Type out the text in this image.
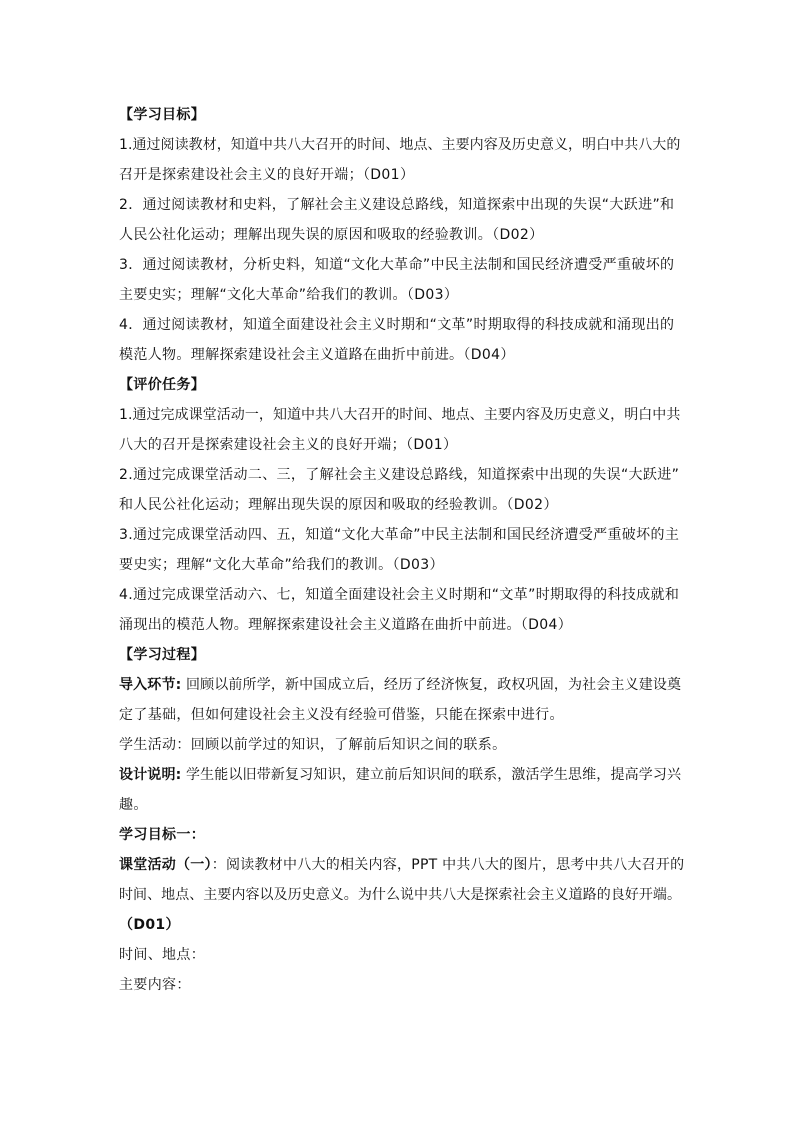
【学习目标】
1.通过阅读教材，知道中共八大召开的时间、地点、主要内容及历史意义，明白中共八大的
召开是探索建设社会主义的良好开端；（D01）
2．通过阅读教材和史料，了解社会主义建设总路线，知道探索中出现的失误“大跃进”和
人民公社化运动；理解出现失误的原因和吸取的经验教训。（D02）
3．通过阅读教材，分析史料，知道“文化大革命”中民主法制和国民经济遭受严重破坏的
主要史实；理解“文化大革命”给我们的教训。（D03）
4．通过阅读教材，知道全面建设社会主义时期和“文革”时期取得的科技成就和涌现出的
模范人物。理解探索建设社会主义道路在曲折中前进。（D04）
【评价任务】
1.通过完成课堂活动一，知道中共八大召开的时间、地点、主要内容及历史意义，明白中共
八大的召开是探索建设社会主义的良好开端；（D01）
2.通过完成课堂活动二、三，了解社会主义建设总路线，知道探索中出现的失误“大跃进”
和人民公社化运动；理解出现失误的原因和吸取的经验教训。（D02）
3.通过完成课堂活动四、五，知道“文化大革命”中民主法制和国民经济遭受严重破坏的主
要史实；理解“文化大革命”给我们的教训。（D03）
4.通过完成课堂活动六、七，知道全面建设社会主义时期和“文革”时期取得的科技成就和
涌现出的模范人物。理解探索建设社会主义道路在曲折中前进。（D04）
【学习过程】
导入环节: 回顾以前所学，新中国成立后，经历了经济恢复，政权巩固，为社会主义建设奠
定了基础，但如何建设社会主义没有经验可借鉴，只能在探索中进行。
学生活动：回顾以前学过的知识，了解前后知识之间的联系。
设计说明: 学生能以旧带新复习知识，建立前后知识间的联系，激活学生思维，提高学习兴
趣。
学习目标一：
课堂活动（一）：阅读教材中八大的相关内容，PPT 中共八大的图片，思考中共八大召开的
时间、地点、主要内容以及历史意义。为什么说中共八大是探索社会主义道路的良好开端。
（D01）
时间、地点：
主要内容：
